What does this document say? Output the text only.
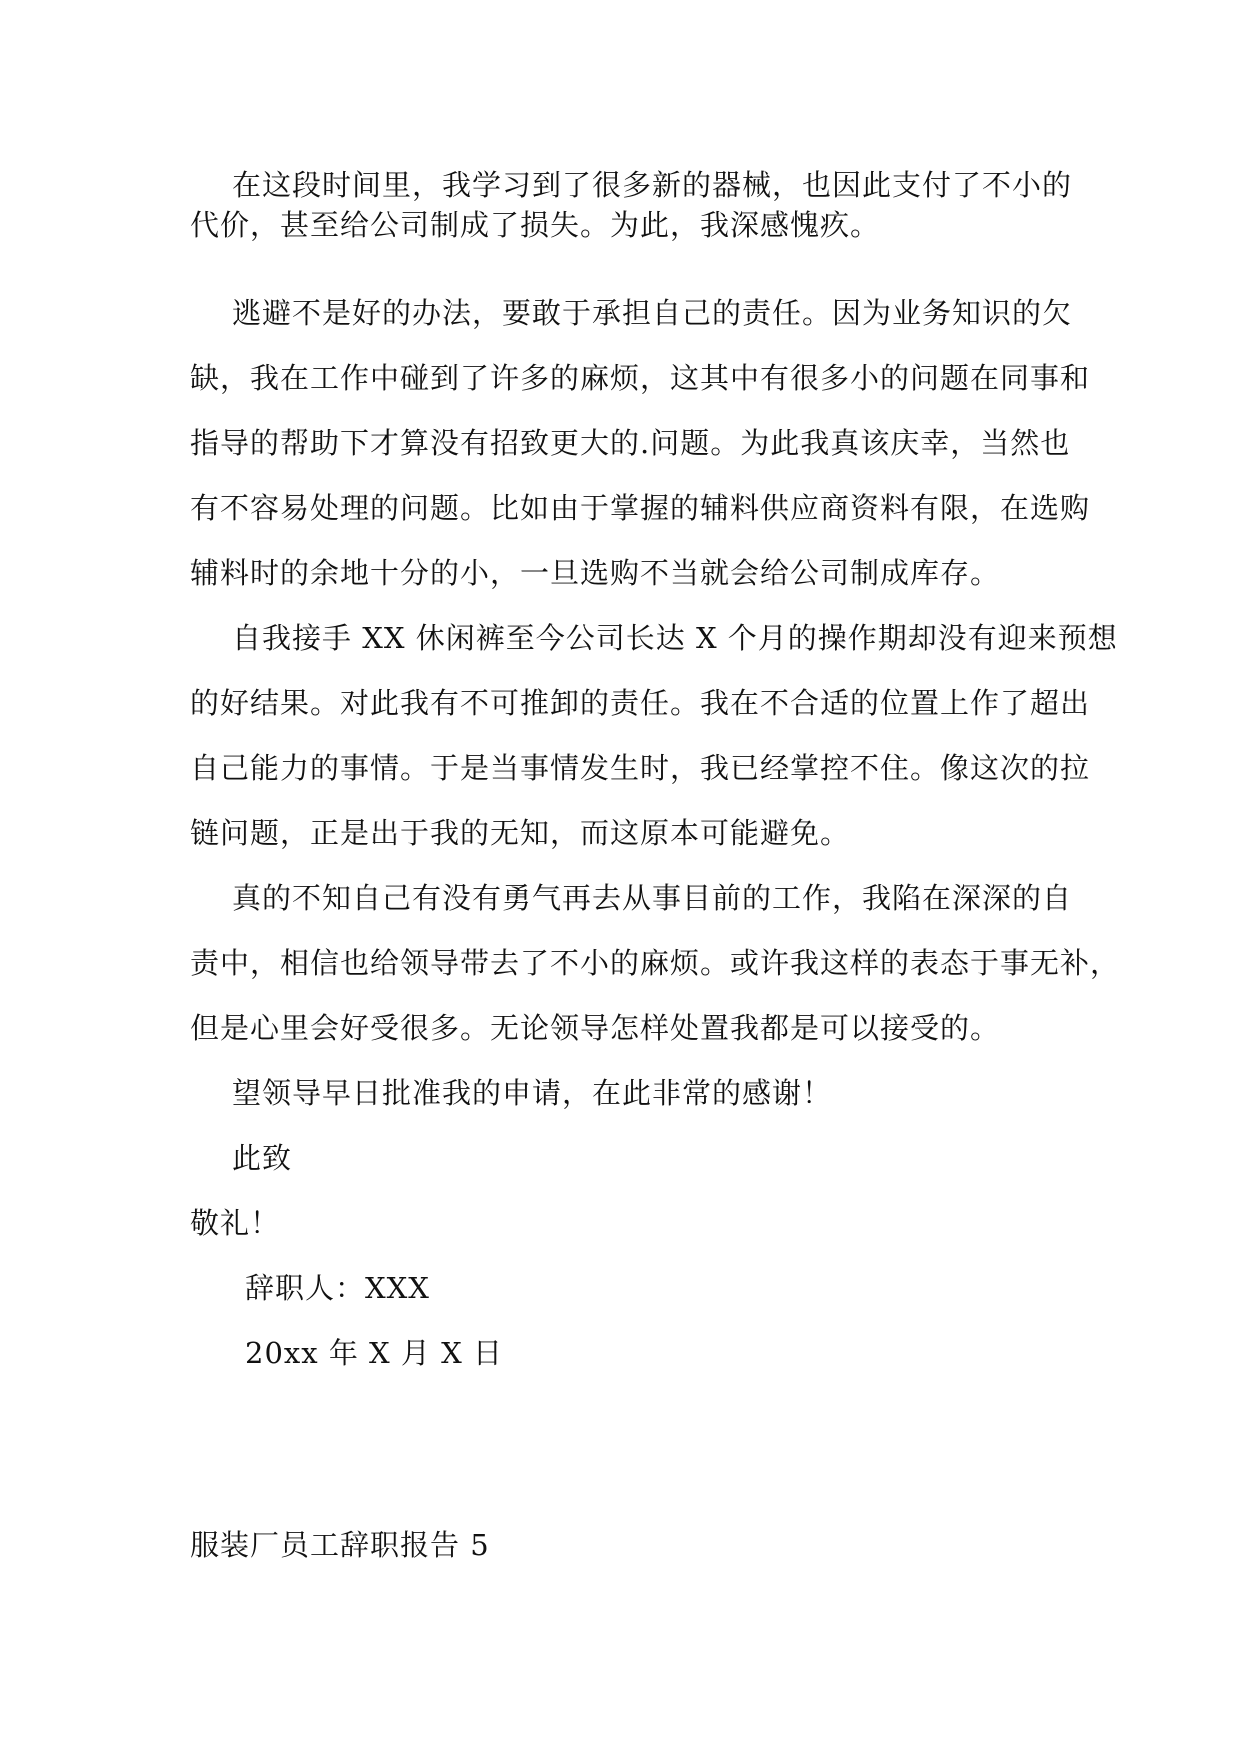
在这段时间里，我学习到了很多新的器械，也因此支付了不小的
代价，甚至给公司制成了损失。为此，我深感愧疚。
逃避不是好的办法，要敢于承担自己的责任。因为业务知识的欠
缺，我在工作中碰到了许多的麻烦，这其中有很多小的问题在同事和
指导的帮助下才算没有招致更大的.问题。为此我真该庆幸，当然也
有不容易处理的问题。比如由于掌握的辅料供应商资料有限，在选购
辅料时的余地十分的小，一旦选购不当就会给公司制成库存。
自我接手 XX 休闲裤至今公司长达 X 个月的操作期却没有迎来预想
的好结果。对此我有不可推卸的责任。我在不合适的位置上作了超出
自己能力的事情。于是当事情发生时，我已经掌控不住。像这次的拉
链问题，正是出于我的无知，而这原本可能避免。
真的不知自己有没有勇气再去从事目前的工作，我陷在深深的自
责中，相信也给领导带去了不小的麻烦。或许我这样的表态于事无补，
但是心里会好受很多。无论领导怎样处置我都是可以接受的。
望领导早日批准我的申请，在此非常的感谢！
此致
敬礼！
辞职人：XXX
20xx 年 X 月 X 日
服装厂员工辞职报告 5
